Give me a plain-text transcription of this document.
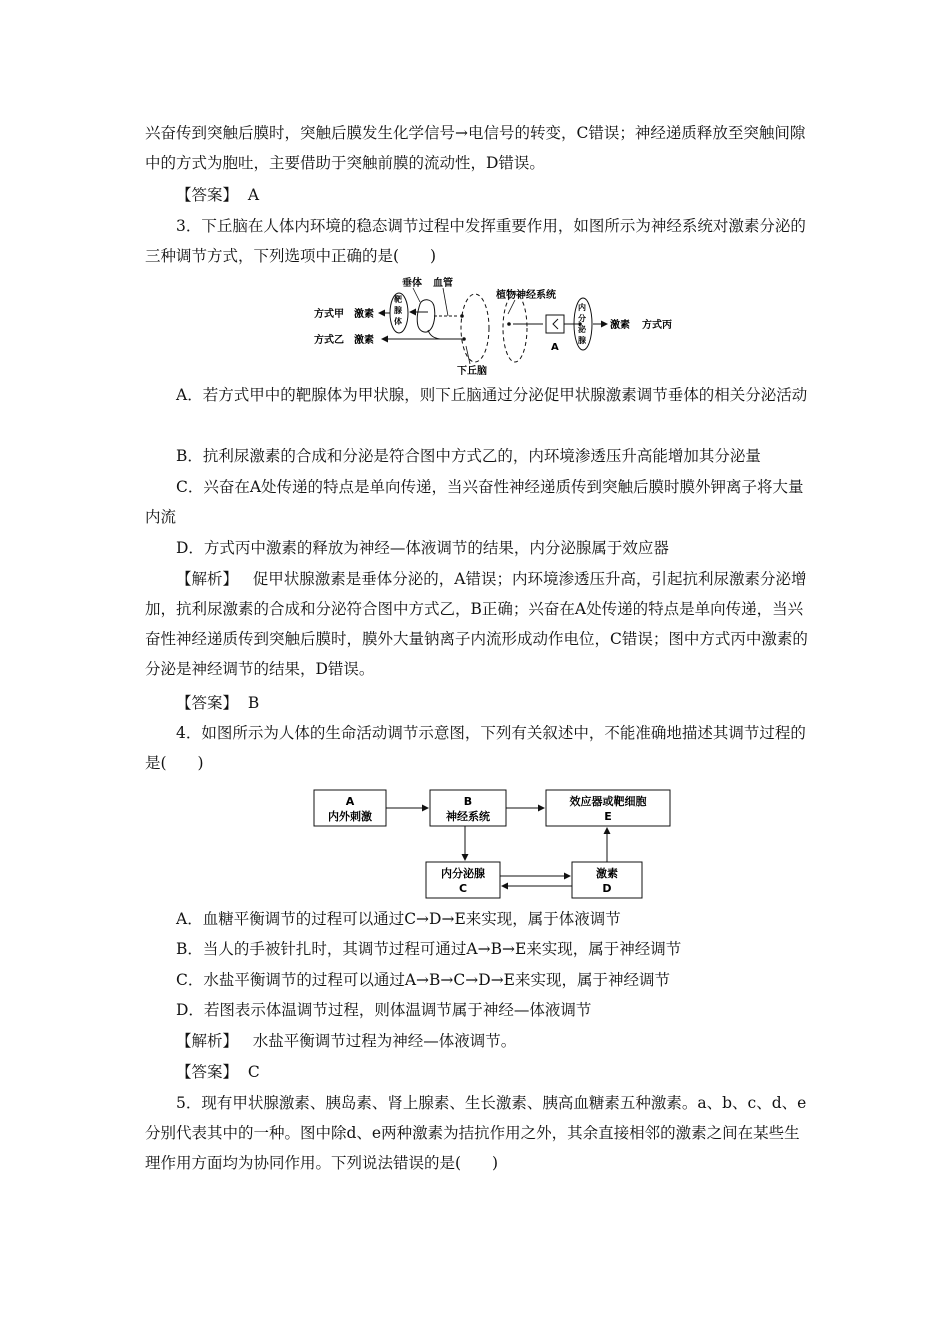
兴奋传到突触后膜时，突触后膜发生化学信号→电信号的转变，C错误；神经递质释放至突触间隙中的方式为胞吐，主要借助于突触前膜的流动性，D错误。

【答案】 A

3．下丘脑在人体内环境的稳态调节过程中发挥重要作用，如图所示为神经系统对激素分泌的三种调节方式，下列选项中正确的是(　　)

垂体 血管
植物神经系统
方式甲 激素
靶
腺
体
方式乙 激素
下丘脑
A
内
分
泌
腺
激素 方式丙

A．若方式甲中的靶腺体为甲状腺，则下丘脑通过分泌促甲状腺激素调节垂体的相关分泌活动

B．抗利尿激素的合成和分泌是符合图中方式乙的，内环境渗透压升高能增加其分泌量

C．兴奋在A处传递的特点是单向传递，当兴奋性神经递质传到突触后膜时膜外钾离子将大量内流

D．方式丙中激素的释放为神经—体液调节的结果，内分泌腺属于效应器

【解析】 促甲状腺激素是垂体分泌的，A错误；内环境渗透压升高，引起抗利尿激素分泌增加，抗利尿激素的合成和分泌符合图中方式乙，B正确；兴奋在A处传递的特点是单向传递，当兴奋性神经递质传到突触后膜时，膜外大量钠离子内流形成动作电位，C错误；图中方式丙中激素的分泌是神经调节的结果，D错误。

【答案】 B

4．如图所示为人体的生命活动调节示意图，下列有关叙述中，不能准确地描述其调节过程的是(　　)

A
内外刺激
B
神经系统
效应器或靶细胞
E
内分泌腺
C
激素
D

A．血糖平衡调节的过程可以通过C→D→E来实现，属于体液调节

B．当人的手被针扎时，其调节过程可通过A→B→E来实现，属于神经调节

C．水盐平衡调节的过程可以通过A→B→C→D→E来实现，属于神经调节

D．若图表示体温调节过程，则体温调节属于神经—体液调节

【解析】 水盐平衡调节过程为神经—体液调节。

【答案】 C

5．现有甲状腺激素、胰岛素、肾上腺素、生长激素、胰高血糖素五种激素。a、b、c、d、e分别代表其中的一种。图中除d、e两种激素为拮抗作用之外，其余直接相邻的激素之间在某些生理作用方面均为协同作用。下列说法错误的是(　　)
